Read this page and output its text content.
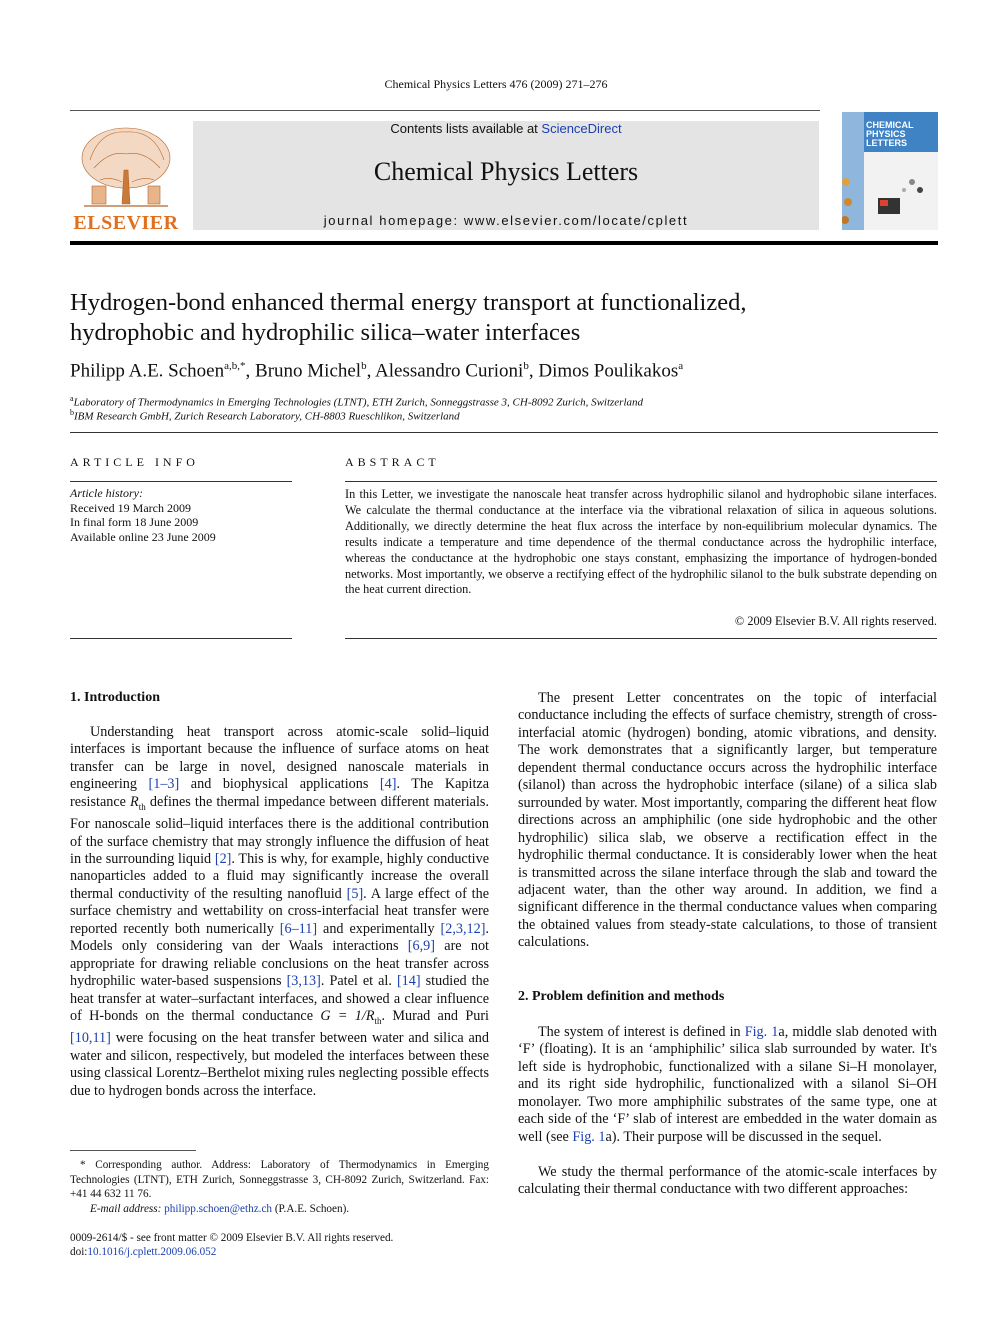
Chemical Physics Letters 476 (2009) 271–276
ELSEVIER
Contents lists available at ScienceDirect
Chemical Physics Letters
journal homepage: www.elsevier.com/locate/cplett
CHEMICAL PHYSICS LETTERS
Hydrogen-bond enhanced thermal energy transport at functionalized,
hydrophobic and hydrophilic silica–water interfaces
Philipp A.E. Schoen$^{a,b,*}$, Bruno Michel$^b$, Alessandro Curioni$^b$, Dimos Poulikakos$^a$
$^a$Laboratory of Thermodynamics in Emerging Technologies (LTNT), ETH Zurich, Sonneggstrasse 3, CH-8092 Zurich, Switzerland
$^b$IBM Research GmbH, Zurich Research Laboratory, CH-8803 Rueschlikon, Switzerland
ARTICLE INFO
Article history:
Received 19 March 2009
In final form 18 June 2009
Available online 23 June 2009
ABSTRACT
In this Letter, we investigate the nanoscale heat transfer across hydrophilic silanol and hydrophobic silane interfaces. We calculate the thermal conductance at the interface via the vibrational relaxation of silica in aqueous solutions. Additionally, we directly determine the heat flux across the interface by non-equilibrium molecular dynamics. The results indicate a temperature and time dependence of the thermal conductance across the hydrophilic interface, whereas the conductance at the hydrophobic one stays constant, emphasizing the importance of hydrogen-bonded networks. Most importantly, we observe a rectifying effect of the hydrophilic silanol to the bulk substrate depending on the heat current direction.
© 2009 Elsevier B.V. All rights reserved.
1. Introduction

Understanding heat transport across atomic-scale solid–liquid interfaces is important because the influence of surface atoms on heat transfer can be large in novel, designed nanoscale materials in engineering [1–3] and biophysical applications [4]. The Kapitza resistance $R_{th}$ defines the thermal impedance between different materials. For nanoscale solid–liquid interfaces there is the additional contribution of the surface chemistry that may strongly influence the diffusion of heat in the surrounding liquid [2]. This is why, for example, highly conductive nanoparticles added to a fluid may significantly increase the overall thermal conductivity of the resulting nanofluid [5]. A large effect of the surface chemistry and wettability on cross-interfacial heat transfer were reported recently both numerically [6–11] and experimentally [2,3,12]. Models only considering van der Waals interactions [6,9] are not appropriate for drawing reliable conclusions on the heat transfer across hydrophilic water-based suspensions [3,13]. Patel et al. [14] studied the heat transfer at water–surfactant interfaces, and showed a clear influence of H-bonds on the thermal conductance $G = 1/R_{th}$. Murad and Puri [10,11] were focusing on the heat transfer between water and silica and water and silicon, respectively, but modeled the interfaces between these using classical Lorentz–Berthelot mixing rules neglecting possible effects due to hydrogen bonds across the interface.

* Corresponding author. Address: Laboratory of Thermodynamics in Emerging Technologies (LTNT), ETH Zurich, Sonneggstrasse 3, CH-8092 Zurich, Switzerland. Fax: +41 44 632 11 76.
E-mail address: philipp.schoen@ethz.ch (P.A.E. Schoen).
0009-2614/$ - see front matter © 2009 Elsevier B.V. All rights reserved.
doi:10.1016/j.cplett.2009.06.052

The present Letter concentrates on the topic of interfacial conductance including the effects of surface chemistry, strength of cross-interfacial atomic (hydrogen) bonding, atomic vibrations, and density. The work demonstrates that a significantly larger, but temperature dependent thermal conductance occurs across the hydrophilic interface (silanol) than across the hydrophobic interface (silane) of a silica slab surrounded by water. Most importantly, comparing the different heat flow directions across an amphiphilic (one side hydrophobic and the other hydrophilic) silica slab, we observe a rectification effect in the hydrophilic thermal conductance. It is considerably lower when the heat is transmitted across the silane interface through the slab and toward the adjacent water, than the other way around. In addition, we find a significant difference in the thermal conductance values when comparing the obtained values from steady-state calculations, to those of transient calculations.

2. Problem definition and methods

The system of interest is defined in Fig. 1a, middle slab denoted with ‘F’ (floating). It is an ‘amphiphilic’ silica slab surrounded by water. It's left side is hydrophobic, functionalized with a silane Si–H monolayer, and its right side hydrophilic, functionalized with a silanol Si–OH monolayer. Two more amphiphilic substrates of the same type, one at each side of the ‘F’ slab of interest are embedded in the water domain as well (see Fig. 1a). Their purpose will be discussed in the sequel.

We study the thermal performance of the atomic-scale interfaces by calculating their thermal conductance with two different approaches:
